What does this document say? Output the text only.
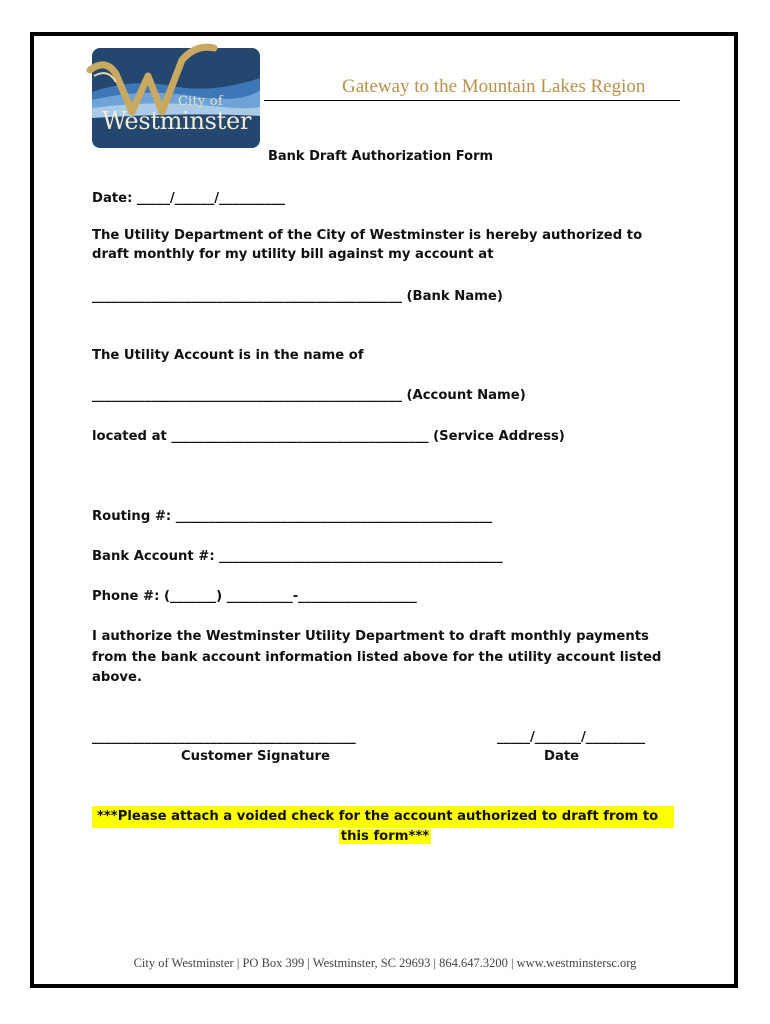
City of
Westminster
Gateway to the Mountain Lakes Region
Bank Draft Authorization Form
Date: _____/______/__________
The Utility Department of the City of Westminster is hereby authorized to
draft monthly for my utility bill against my account at
_______________________________________________ (Bank Name)
The Utility Account is in the name of
_______________________________________________ (Account Name)
located at _______________________________________ (Service Address)
Routing #: ________________________________________________
Bank Account #: ___________________________________________
Phone #: (_______) __________-__________________
I authorize the Westminster Utility Department to draft monthly payments
from the bank account information listed above for the utility account listed
above.
________________________________________
Customer Signature
_____/_______/_________
Date
***Please attach a voided check for the account authorized to draft from to
this form***
City of Westminster | PO Box 399 | Westminster, SC 29693 | 864.647.3200 | www.westminstersc.org
